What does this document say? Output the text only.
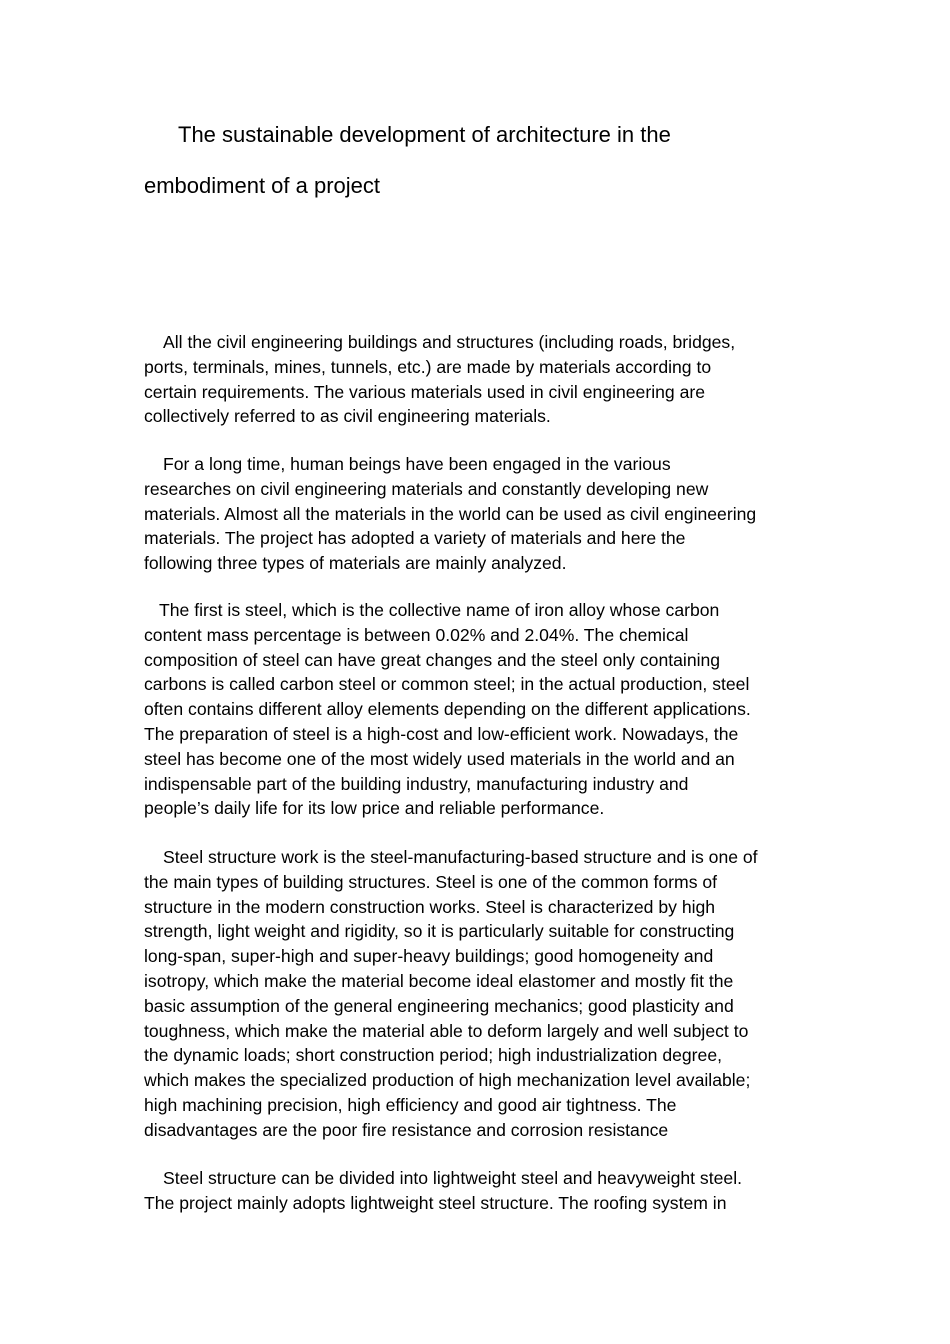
The sustainable development of architecture in the
embodiment of a project
All the civil engineering buildings and structures (including roads, bridges,
ports, terminals, mines, tunnels, etc.) are made by materials according to
certain requirements. The various materials used in civil engineering are
collectively referred to as civil engineering materials.
For a long time, human beings have been engaged in the various
researches on civil engineering materials and constantly developing new
materials. Almost all the materials in the world can be used as civil engineering
materials. The project has adopted a variety of materials and here the
following three types of materials are mainly analyzed.
The first is steel, which is the collective name of iron alloy whose carbon
content mass percentage is between 0.02% and 2.04%. The chemical
composition of steel can have great changes and the steel only containing
carbons is called carbon steel or common steel; in the actual production, steel
often contains different alloy elements depending on the different applications.
The preparation of steel is a high-cost and low-efficient work. Nowadays, the
steel has become one of the most widely used materials in the world and an
indispensable part of the building industry, manufacturing industry and
people’s daily life for its low price and reliable performance.
Steel structure work is the steel-manufacturing-based structure and is one of
the main types of building structures. Steel is one of the common forms of
structure in the modern construction works. Steel is characterized by high
strength, light weight and rigidity, so it is particularly suitable for constructing
long-span, super-high and super-heavy buildings; good homogeneity and
isotropy, which make the material become ideal elastomer and mostly fit the
basic assumption of the general engineering mechanics; good plasticity and
toughness, which make the material able to deform largely and well subject to
the dynamic loads; short construction period; high industrialization degree,
which makes the specialized production of high mechanization level available;
high machining precision, high efficiency and good air tightness. The
disadvantages are the poor fire resistance and corrosion resistance
Steel structure can be divided into lightweight steel and heavyweight steel.
The project mainly adopts lightweight steel structure. The roofing system in
